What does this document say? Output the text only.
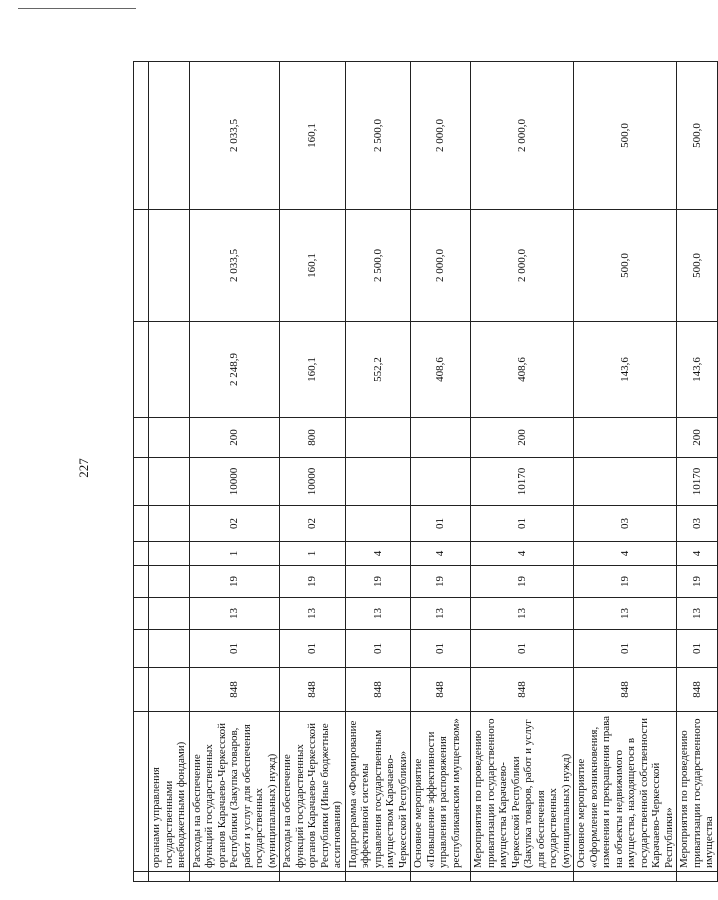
227

	органами управления государственными внебюджетными фондами)											
	Расходы на обеспечение функций государственных органов Карачаево-Черкесской Республики (Закупка товаров, работ и услуг для обеспечения государственных (муниципальных) нужд)	848	01	13	19	1	02	10000	200	2 248,9	2 033,5	2 033,5
	Расходы на обеспечение функций государственных органов Карачаево-Черкесской Республики (Иные бюджетные ассигнования)	848	01	13	19	1	02	10000	800	160,1	160,1	160,1
	Подпрограмма «Формирование эффективной системы управления государственным имуществом Карачаево-Черкесской Республики»	848	01	13	19	4				552,2	2 500,0	2 500,0
	Основное мероприятие «Повышение эффективности управления и распоряжения республиканским имуществом»	848	01	13	19	4	01			408,6	2 000,0	2 000,0
	Мероприятия по проведению приватизации государственного имущества Карачаево-Черкесской Республики (Закупка товаров, работ и услуг для обеспечения государственных (муниципальных) нужд)	848	01	13	19	4	01	10170	200	408,6	2 000,0	2 000,0
	Основное мероприятие «Оформление возникновения, изменения и прекращения права на объекты недвижимого имущества, находящегося в государственной собственности Карачаево-Черкесской Республики»	848	01	13	19	4	03			143,6	500,0	500,0
	Мероприятия по проведению приватизации государственного имущества	848	01	13	19	4	03	10170	200	143,6	500,0	500,0
